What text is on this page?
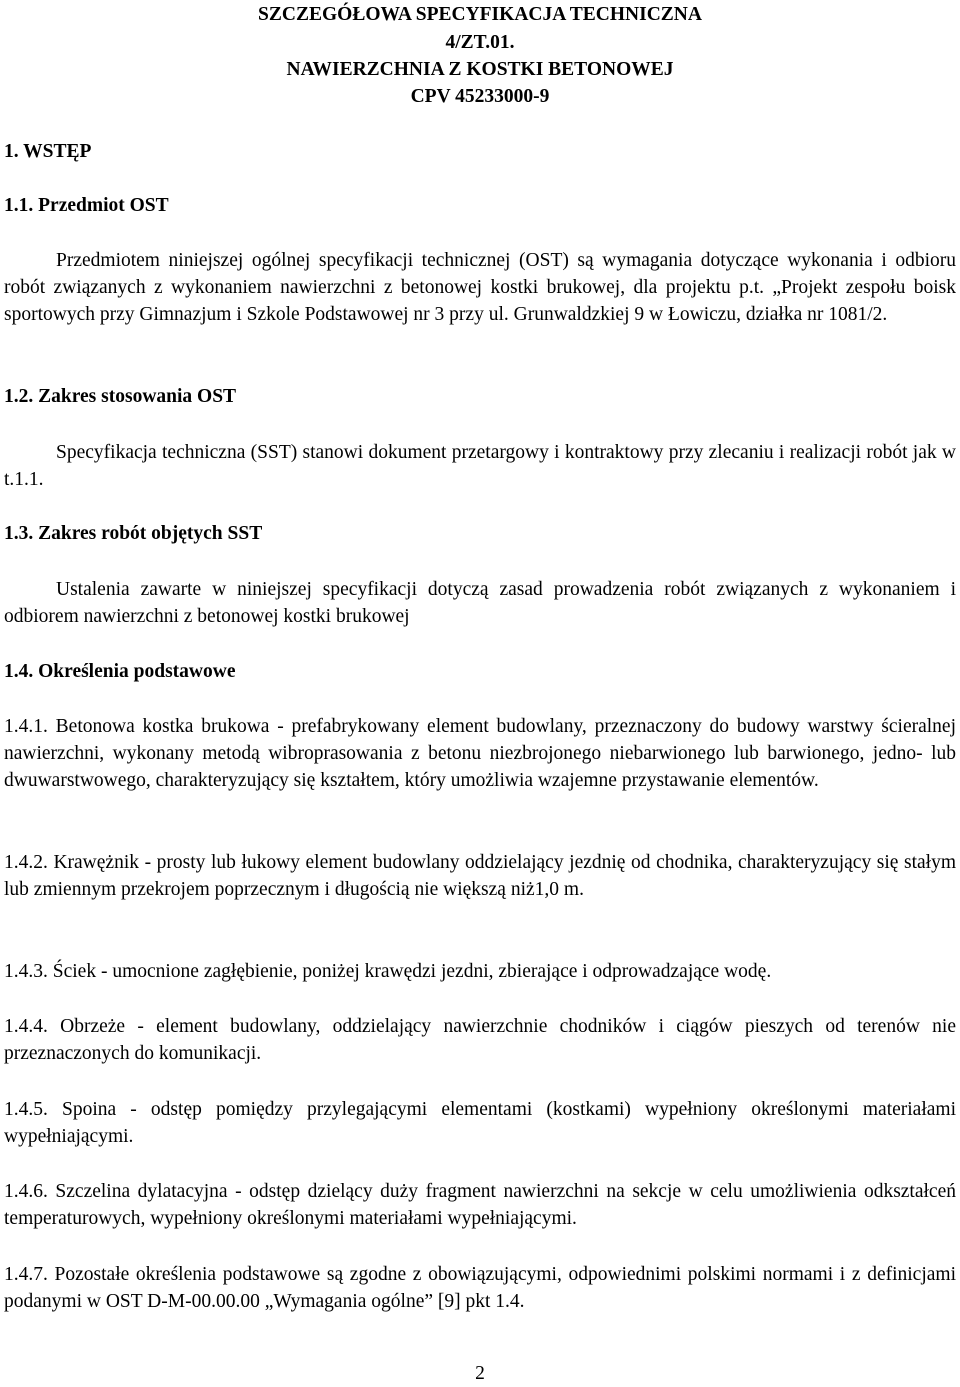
SZCZEGÓŁOWA SPECYFIKACJA TECHNICZNA

4/ZT.01.

NAWIERZCHNIA Z KOSTKI BETONOWEJ

CPV 45233000-9

1. WSTĘP

1.1. Przedmiot OST

Przedmiotem niniejszej ogólnej specyfikacji technicznej (OST) są wymagania dotyczące wykonania i odbioru robót związanych z wykonaniem nawierzchni z betonowej kostki brukowej, dla projektu p.t. „Projekt zespołu boisk sportowych przy Gimnazjum i Szkole Podstawowej nr 3 przy ul. Grunwaldzkiej 9 w Łowiczu, działka nr 1081/2.

1.2. Zakres stosowania OST

Specyfikacja techniczna (SST) stanowi dokument przetargowy i kontraktowy przy zlecaniu i realizacji robót jak w t.1.1.

1.3. Zakres robót objętych SST

Ustalenia zawarte w niniejszej specyfikacji dotyczą zasad prowadzenia robót związanych z wykonaniem i odbiorem nawierzchni z betonowej kostki brukowej

1.4. Określenia podstawowe

1.4.1. Betonowa kostka brukowa - prefabrykowany element budowlany, przeznaczony do budowy warstwy ścieralnej nawierzchni, wykonany metodą wibroprasowania z betonu niezbrojonego niebarwionego lub barwionego, jedno- lub dwuwarstwowego, charakteryzujący się kształtem, który umożliwia wzajemne przystawanie elementów.

1.4.2. Krawężnik - prosty lub łukowy element budowlany oddzielający jezdnię od chodnika, charakteryzujący się stałym lub zmiennym przekrojem poprzecznym i długością nie większą niż1,0 m.

1.4.3. Ściek - umocnione zagłębienie, poniżej krawędzi jezdni, zbierające i odprowadzające wodę.

1.4.4. Obrzeże - element budowlany, oddzielający nawierzchnie chodników i ciągów pieszych od terenów nie przeznaczonych do komunikacji.

1.4.5. Spoina - odstęp pomiędzy przylegającymi elementami (kostkami) wypełniony określonymi materiałami wypełniającymi.

1.4.6. Szczelina dylatacyjna - odstęp dzielący duży fragment nawierzchni na sekcje w celu umożliwienia odkształceń temperaturowych, wypełniony określonymi materiałami wypełniającymi.

1.4.7. Pozostałe określenia podstawowe są zgodne z obowiązującymi, odpowiednimi polskimi normami i z definicjami podanymi w OST D-M-00.00.00 „Wymagania ogólne” [9] pkt 1.4.

2
